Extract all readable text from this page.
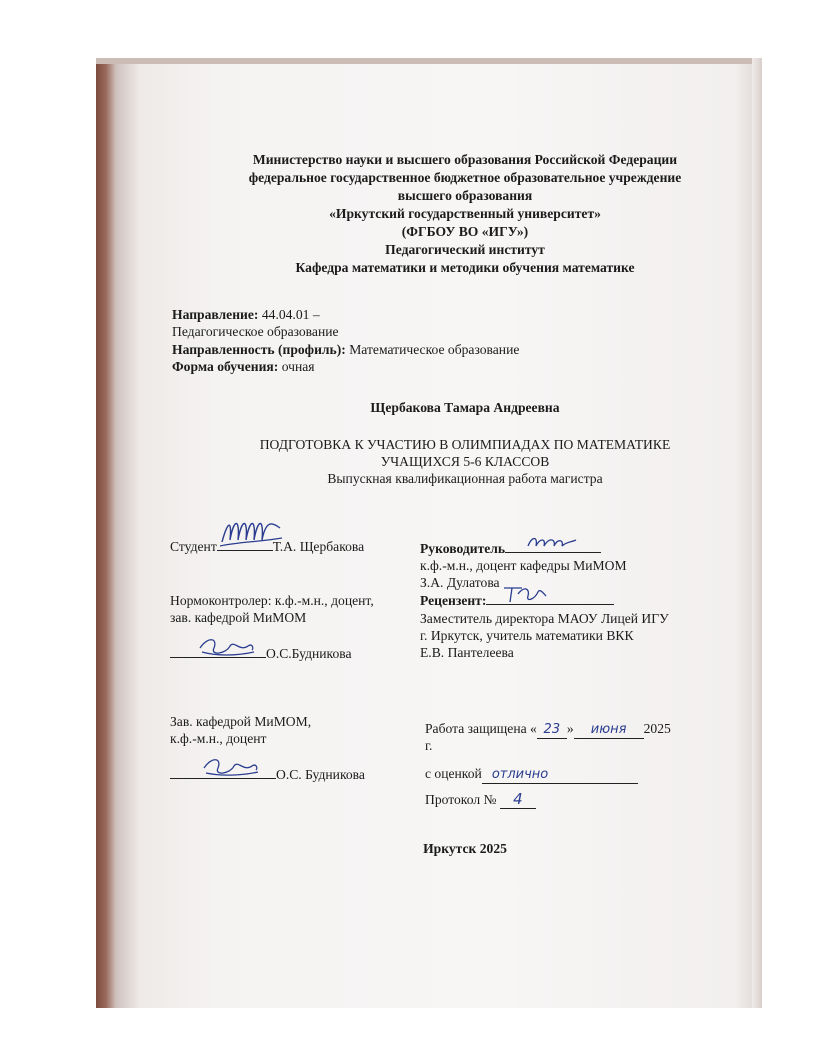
Министерство науки и высшего образования Российской Федерации
федеральное государственное бюджетное образовательное учреждение
высшего образования
«Иркутский государственный университет»
(ФГБОУ ВО «ИГУ»)
Педагогический институт
Кафедра математики и методики обучения математике
Направление: 44.04.01 –
Педагогическое образование
Направленность (профиль): Математическое образование
Форма обучения: очная
Щербакова Тамара Андреевна
ПОДГОТОВКА К УЧАСТИЮ В ОЛИМПИАДАХ ПО МАТЕМАТИКЕ
УЧАЩИХСЯ 5-6 КЛАССОВ
Выпускная квалификационная работа магистра
Студент	Т.А. Щербакова
Нормоконтролер: к.ф.-м.н., доцент,
зав. кафедрой МиМОМ
О.С.Будникова
Зав. кафедрой МиМОМ,
к.ф.-м.н., доцент
О.С. Будникова
Руководитель
к.ф.-м.н., доцент кафедры МиМОМ
З.А. Дулатова
Рецензент:
Заместитель директора МАОУ Лицей ИГУ
г. Иркутск, учитель математики ВКК
Е.В. Пантелеева
Работа защищена « 23 » июня 2025
г.
с оценкой отлично
Протокол № 4
Иркутск 2025
